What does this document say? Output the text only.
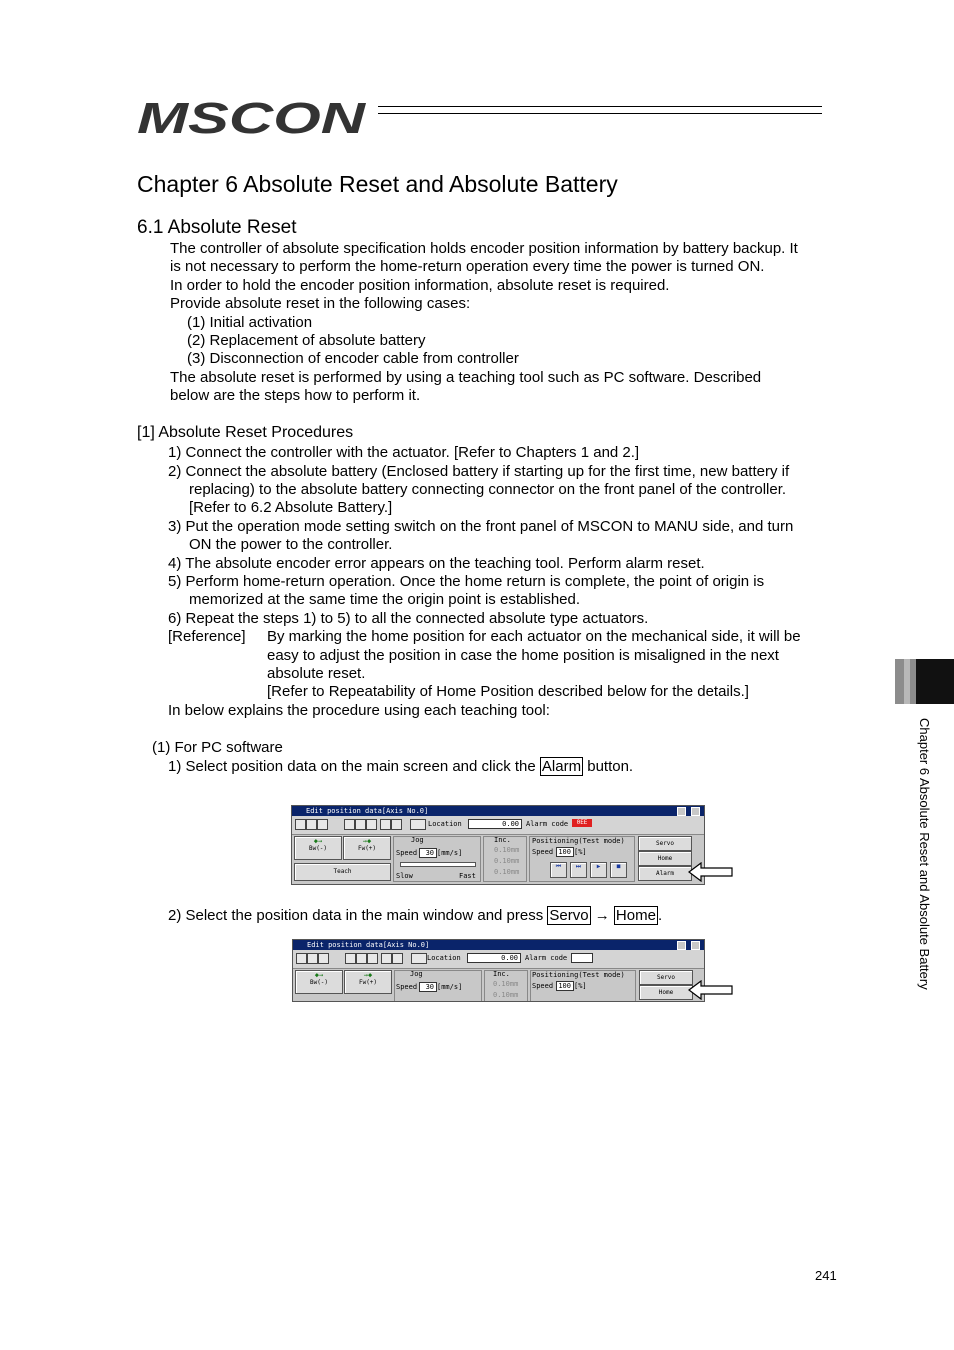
MSCON
Chapter 6 Absolute Reset and Absolute Battery
6.1 Absolute Reset
The controller of absolute specification holds encoder position information by battery backup. It
is not necessary to perform the home-return operation every time the power is turned ON.
In order to hold the encoder position information, absolute reset is required.
Provide absolute reset in the following cases:
(1) Initial activation
(2) Replacement of absolute battery
(3) Disconnection of encoder cable from controller
The absolute reset is performed by using a teaching tool such as PC software. Described
below are the steps how to perform it.
[1] Absolute Reset Procedures
1) Connect the controller with the actuator. [Refer to Chapters 1 and 2.]
2) Connect the absolute battery (Enclosed battery if starting up for the first time, new battery if
replacing) to the absolute battery connecting connector on the front panel of the controller.
[Refer to 6.2 Absolute Battery.]
3) Put the operation mode setting switch on the front panel of MSCON to MANU side, and turn
ON the power to the controller.
4) The absolute encoder error appears on the teaching tool. Perform alarm reset.
5) Perform home-return operation. Once the home return is complete, the point of origin is
memorized at the same time the origin point is established.
6) Repeat the steps 1) to 5) to all the connected absolute type actuators.
[Reference] By marking the home position for each actuator on the mechanical side, it will be
easy to adjust the position in case the home position is misaligned in the next
absolute reset.
[Refer to Repeatability of Home Position described below for the details.]
In below explains the procedure using each teaching tool:
(1) For PC software
1) Select position data on the main screen and click the Alarm button.
Edit position data[Axis No.0]
Location	0.00	Alarm code	0EE
◆→
Bw(-)
→◆
Fw(+)
Teach
Jog
Speed	30 [mm/s]
Slow	Fast
Inc.
0.10mm
0.10mm
0.10mm
Positioning(Test mode)
Speed 100 [%]
⏮	⏭	▶	■
Servo
Home
Alarm
2) Select the position data in the main window and press Servo → Home .
Edit position data[Axis No.0]
Location	0.00	Alarm code
◆→
Bw(-)
→◆
Fw(+)
Jog
Speed	30 [mm/s]
Inc.
0.10mm
0.10mm
Positioning(Test mode)
Speed 100 [%]
Servo
Home
Chapter 6 Absolute Reset and Absolute Battery
241
